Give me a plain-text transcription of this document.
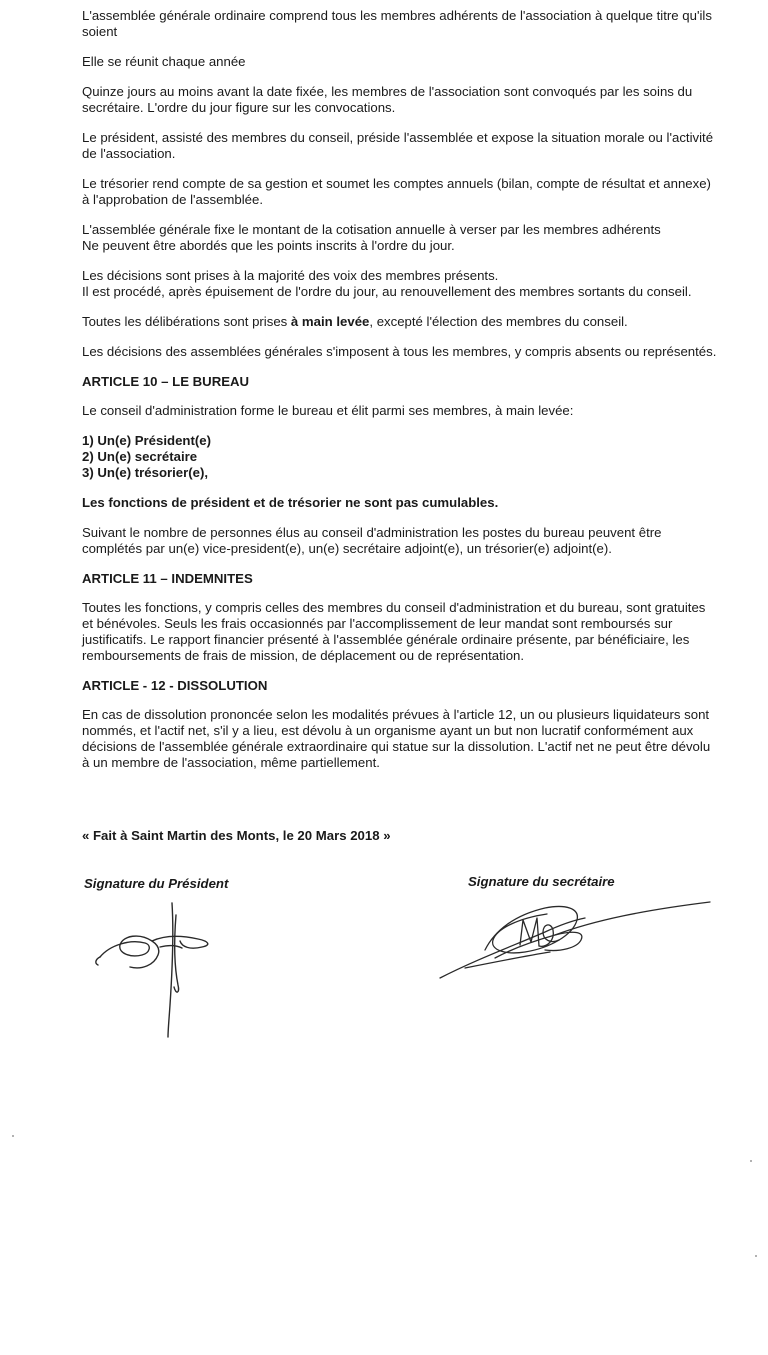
L'assemblée générale ordinaire comprend tous les membres adhérents de l'association à quelque titre qu'ils
soient
Elle se réunit chaque année
Quinze jours au moins avant la date fixée, les membres de l'association sont convoqués par les soins du
secrétaire. L'ordre du jour figure sur les convocations.
Le président, assisté des membres du conseil, préside l'assemblée et expose la situation morale ou l'activité
de l'association.
Le trésorier rend compte de sa gestion et soumet les comptes annuels (bilan, compte de résultat et annexe)
à l'approbation de l'assemblée.
L'assemblée générale fixe le montant de la cotisation annuelle à verser par les membres adhérents
Ne peuvent être abordés que les points inscrits à l'ordre du jour.
Les décisions sont prises à la majorité des voix des membres présents.
Il est procédé, après épuisement de l'ordre du jour, au renouvellement des membres sortants du conseil.
Toutes les délibérations sont prises à main levée, excepté l'élection des membres du conseil.
Les décisions des assemblées générales s'imposent à tous les membres, y compris absents ou représentés.
ARTICLE 10 – LE BUREAU
Le conseil d'administration forme le bureau et élit parmi ses membres, à main levée:
1) Un(e) Président(e)
2) Un(e) secrétaire
3) Un(e) trésorier(e),
Les fonctions de président et de trésorier ne sont pas cumulables.
Suivant le nombre de personnes élus au conseil d'administration les postes du bureau peuvent être
complétés par un(e) vice-president(e), un(e) secrétaire adjoint(e), un trésorier(e) adjoint(e).
ARTICLE 11 – INDEMNITES
Toutes les fonctions, y compris celles des membres du conseil d'administration et du bureau, sont gratuites
et bénévoles. Seuls les frais occasionnés par l'accomplissement de leur mandat sont remboursés sur
justificatifs. Le rapport financier présenté à l'assemblée générale ordinaire présente, par bénéficiaire, les
remboursements de frais de mission, de déplacement ou de représentation.
ARTICLE - 12 - DISSOLUTION
En cas de dissolution prononcée selon les modalités prévues à l'article 12, un ou plusieurs liquidateurs sont
nommés, et l'actif net, s'il y a lieu, est dévolu à un organisme ayant un but non lucratif conformément aux
décisions de l'assemblée générale extraordinaire qui statue sur la dissolution. L'actif net ne peut être dévolu
à un membre de l'association, même partiellement.
« Fait à Saint Martin des Monts, le 20 Mars 2018 »
Signature du Président	Signature du secrétaire
